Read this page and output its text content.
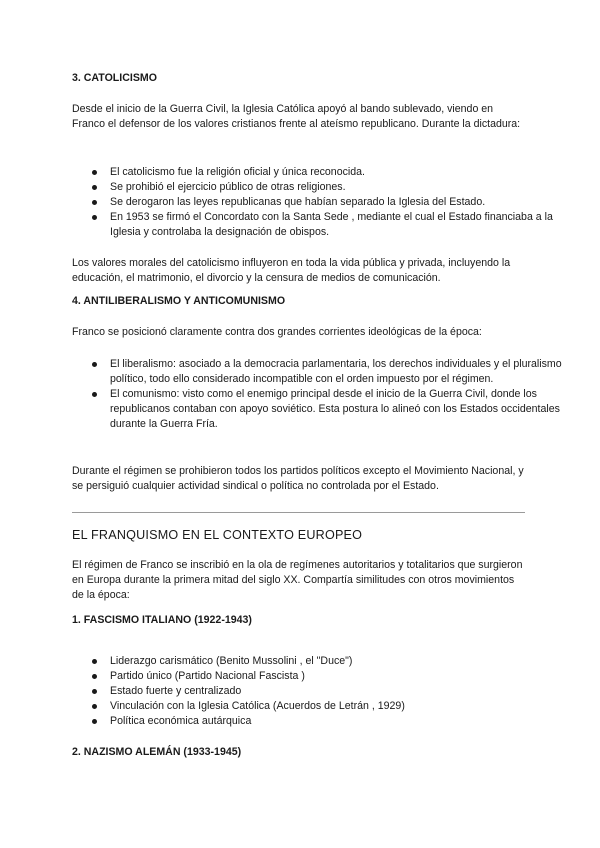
3. CATOLICISMO

Desde el inicio de la Guerra Civil, la Iglesia Católica apoyó al bando sublevado, viendo en Franco el defensor de los valores cristianos frente al ateísmo republicano. Durante la dictadura:

El catolicismo fue la religión oficial y única reconocida.
Se prohibió el ejercicio público de otras religiones.
Se derogaron las leyes republicanas que habían separado la Iglesia del Estado.
En 1953 se firmó el Concordato con la Santa Sede , mediante el cual el Estado financiaba a la Iglesia y controlaba la designación de obispos.

Los valores morales del catolicismo influyeron en toda la vida pública y privada, incluyendo la educación, el matrimonio, el divorcio y la censura de medios de comunicación.

4. ANTILIBERALISMO Y ANTICOMUNISMO

Franco se posicionó claramente contra dos grandes corrientes ideológicas de la época:

El liberalismo: asociado a la democracia parlamentaria, los derechos individuales y el pluralismo político, todo ello considerado incompatible con el orden impuesto por el régimen.
El comunismo: visto como el enemigo principal desde el inicio de la Guerra Civil, donde los republicanos contaban con apoyo soviético. Esta postura lo alineó con los Estados occidentales durante la Guerra Fría.

Durante el régimen se prohibieron todos los partidos políticos excepto el Movimiento Nacional, y se persiguió cualquier actividad sindical o política no controlada por el Estado.

EL FRANQUISMO EN EL CONTEXTO EUROPEO

El régimen de Franco se inscribió en la ola de regímenes autoritarios y totalitarios que surgieron en Europa durante la primera mitad del siglo XX. Compartía similitudes con otros movimientos de la época:

1. FASCISMO ITALIANO (1922-1943)
Liderazgo carismático (Benito Mussolini , el "Duce")
Partido único (Partido Nacional Fascista )
Estado fuerte y centralizado
Vinculación con la Iglesia Católica (Acuerdos de Letrán , 1929)
Política económica autárquica
2. NAZISMO ALEMÁN (1933-1945)
